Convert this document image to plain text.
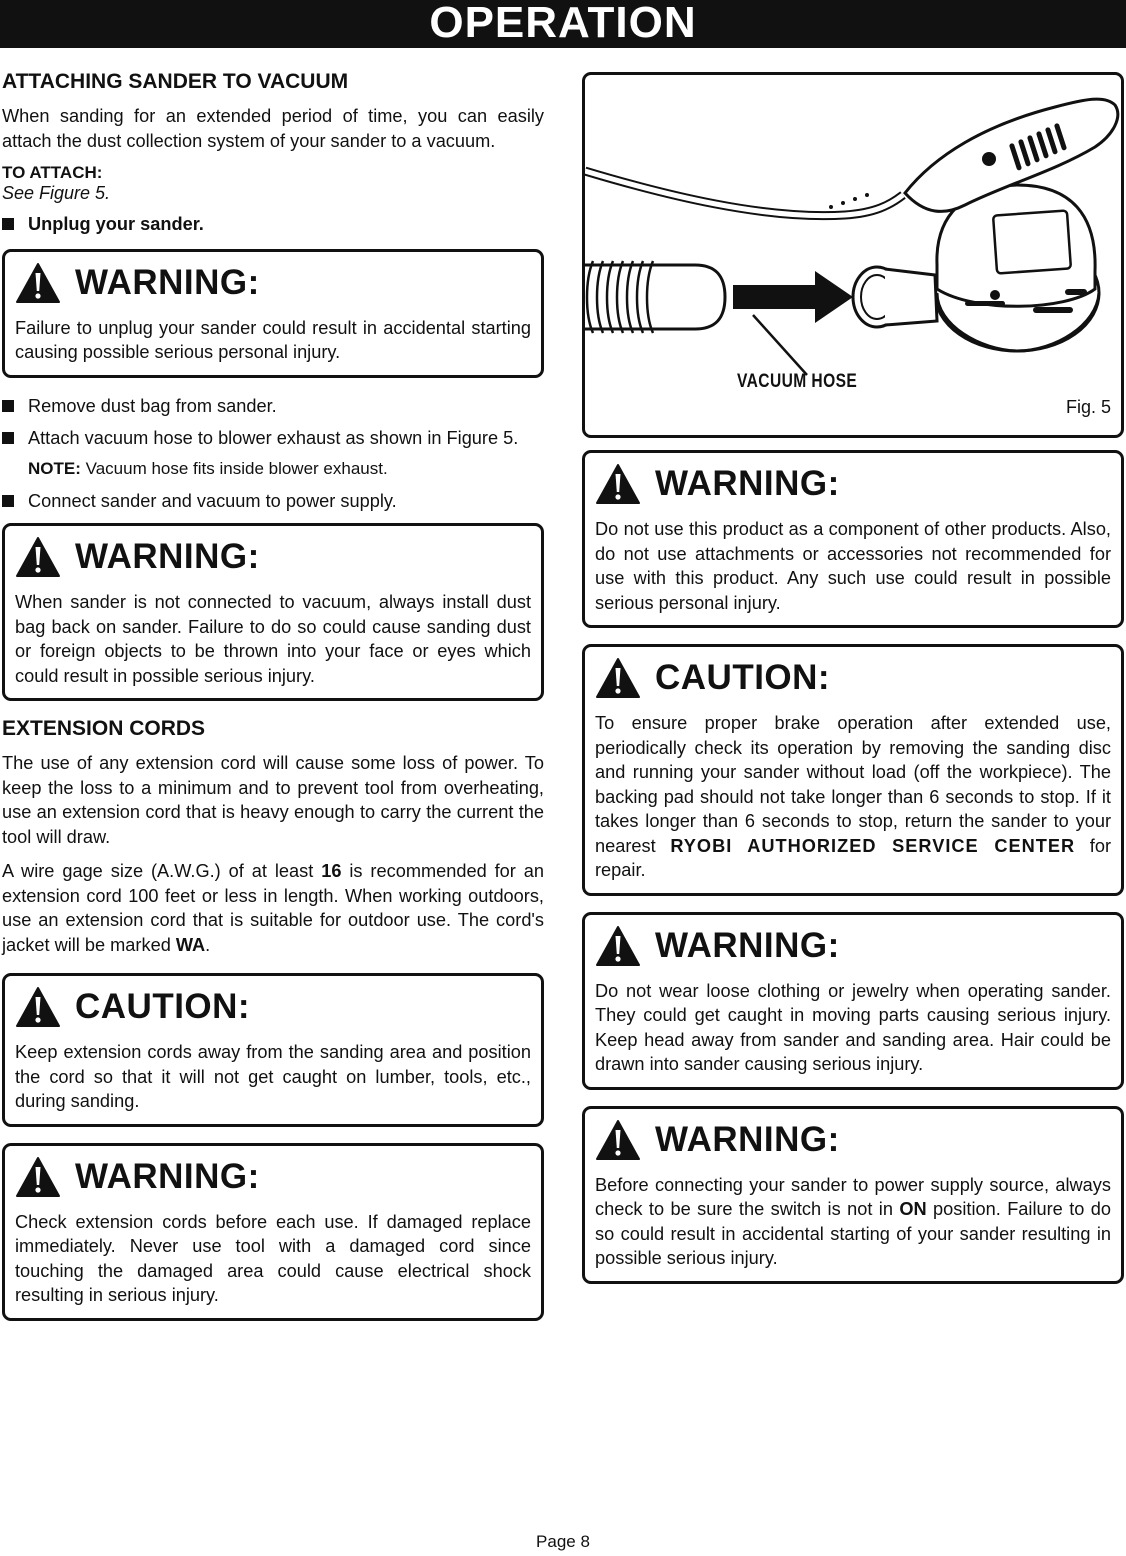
OPERATION
ATTACHING SANDER TO VACUUM

When sanding for an extended period of time, you can easily attach the dust collection system of your sander to a vacuum.

TO ATTACH:
See Figure 5.
Unplug your sander.
WARNING:

Failure to unplug your sander could result in accidental starting causing possible serious personal injury.

Remove dust bag from sander.
Attach vacuum hose to blower exhaust as shown in Figure 5.
NOTE: Vacuum hose fits inside blower exhaust.
Connect sander and vacuum to power supply.
WARNING:

When sander is not connected to vacuum, always install dust bag back on sander. Failure to do so could cause sanding dust or foreign objects to be thrown into your face or eyes which could result in possible serious injury.

EXTENSION CORDS

The use of any extension cord will cause some loss of power. To keep the loss to a minimum and to prevent tool from overheating, use an extension cord that is heavy enough to carry the current the tool will draw.

A wire gage size (A.W.G.) of at least 16 is recommended for an extension cord 100 feet or less in length. When working outdoors, use an extension cord that is suitable for outdoor use. The cord's jacket will be marked WA.

CAUTION:

Keep extension cords away from the sanding area and position the cord so that it will not get caught on lumber, tools, etc., during sanding.

WARNING:

Check extension cords before each use. If damaged replace immediately. Never use tool with a damaged cord since touching the damaged area could cause electrical shock resulting in serious injury.

VACUUM HOSE
Fig. 5
WARNING:

Do not use this product as a component of other products. Also, do not use attachments or accessories not recommended for use with this product. Any such use could result in possible serious personal injury.

CAUTION:

To ensure proper brake operation after extended use, periodically check its operation by removing the sanding disc and running your sander without load (off the workpiece). The backing pad should not take longer than 6 seconds to stop. If it takes longer than 6 seconds to stop, return the sander to your nearest RYOBI AUTHORIZED SERVICE CENTER for repair.

WARNING:

Do not wear loose clothing or jewelry when operating sander. They could get caught in moving parts causing serious injury. Keep head away from sander and sanding area. Hair could be drawn into sander causing serious injury.

WARNING:

Before connecting your sander to power supply source, always check to be sure the switch is not in ON position. Failure to do so could result in accidental starting of your sander resulting in possible serious injury.

Page 8
